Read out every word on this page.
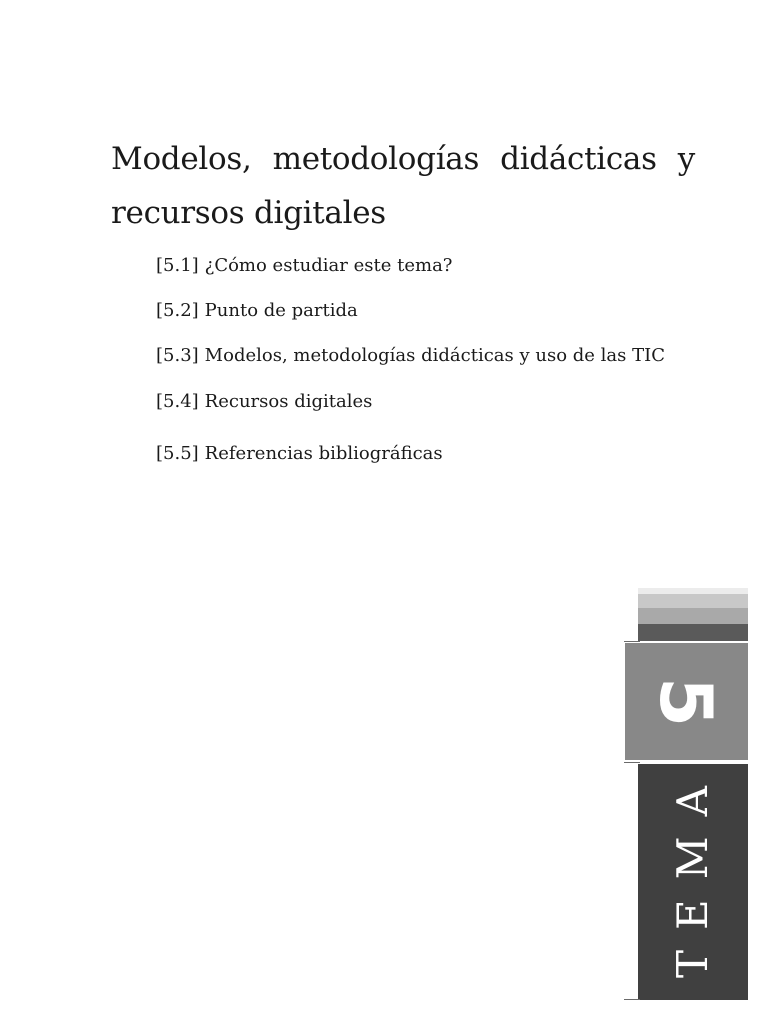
Modelos, metodologías didácticas y recursos digitales
[5.1] ¿Cómo estudiar este tema?
[5.2] Punto de partida
[5.3] Modelos, metodologías didácticas y uso de las TIC
[5.4] Recursos digitales
[5.5] Referencias bibliográficas
5
TEMA
